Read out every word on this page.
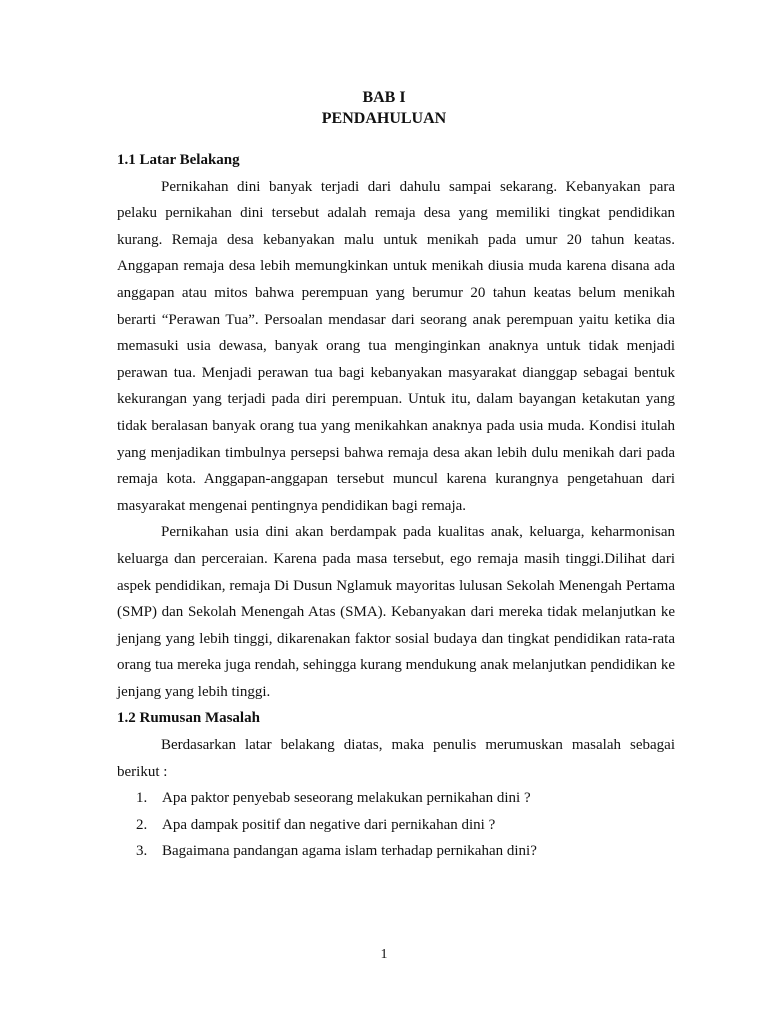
BAB I
PENDAHULUAN

1.1 Latar Belakang

Pernikahan dini banyak terjadi dari dahulu sampai sekarang. Kebanyakan para pelaku pernikahan dini tersebut adalah remaja desa yang memiliki tingkat pendidikan kurang. Remaja desa kebanyakan malu untuk menikah pada umur 20 tahun keatas. Anggapan remaja desa lebih memungkinkan untuk menikah diusia muda karena disana ada anggapan atau mitos bahwa perempuan yang berumur 20 tahun keatas belum menikah berarti “Perawan Tua”. Persoalan mendasar dari seorang anak perempuan yaitu ketika dia memasuki usia dewasa, banyak orang tua menginginkan anaknya untuk tidak menjadi perawan tua. Menjadi perawan tua bagi kebanyakan masyarakat dianggap sebagai bentuk kekurangan yang terjadi pada diri perempuan. Untuk itu, dalam bayangan ketakutan yang tidak beralasan banyak orang tua yang menikahkan anaknya pada usia muda. Kondisi itulah yang menjadikan timbulnya persepsi bahwa remaja desa akan lebih dulu menikah dari pada remaja kota. Anggapan-anggapan tersebut muncul karena kurangnya pengetahuan dari masyarakat mengenai pentingnya pendidikan bagi remaja.

Pernikahan usia dini akan berdampak pada kualitas anak, keluarga, keharmonisan keluarga dan perceraian. Karena pada masa tersebut, ego remaja masih tinggi.Dilihat dari aspek pendidikan, remaja Di Dusun Nglamuk mayoritas lulusan Sekolah Menengah Pertama (SMP) dan Sekolah Menengah Atas (SMA). Kebanyakan dari mereka tidak melanjutkan ke jenjang yang lebih tinggi, dikarenakan faktor sosial budaya dan tingkat pendidikan rata-rata orang tua mereka juga rendah, sehingga kurang mendukung anak melanjutkan pendidikan ke jenjang yang lebih tinggi.

1.2 Rumusan Masalah

Berdasarkan latar belakang diatas, maka penulis merumuskan masalah sebagai berikut :

1. Apa paktor penyebab seseorang melakukan pernikahan dini ?
2. Apa dampak positif dan negative dari pernikahan dini ?
3. Bagaimana pandangan agama islam terhadap pernikahan dini?
1
